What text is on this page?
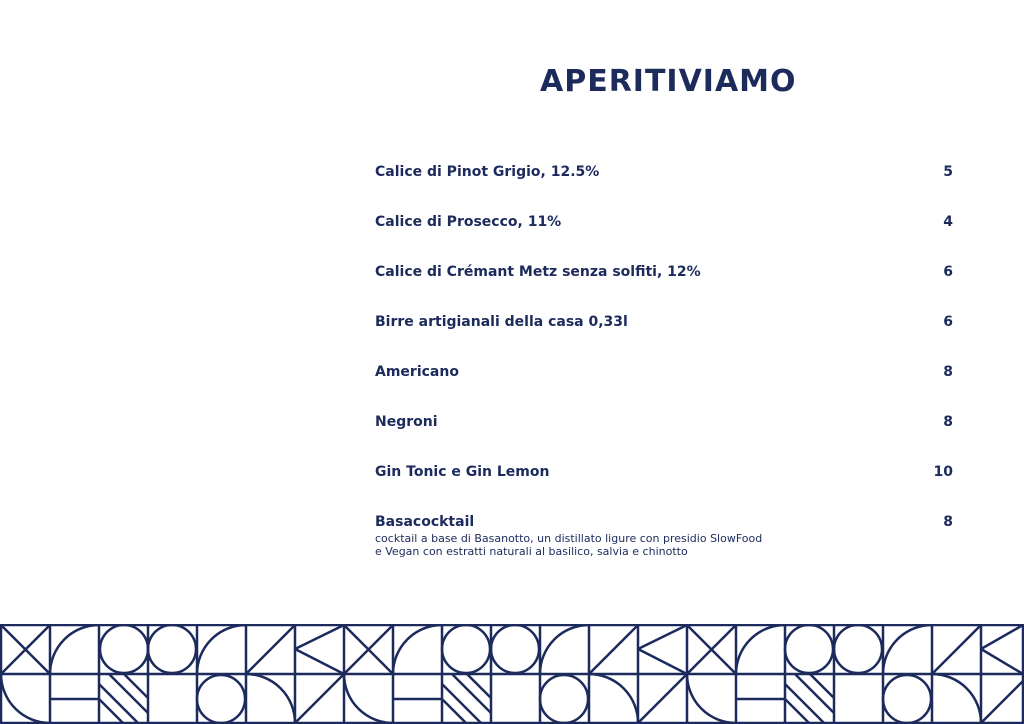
APERITIVIAMO
Calice di Pinot Grigio, 12.5%	5
Calice di Prosecco, 11%	4
Calice di Crémant Metz senza solfiti, 12%	6
Birre artigianali della casa 0,33l	6
Americano	8
Negroni	8
Gin Tonic e Gin Lemon	10
Basacocktail	8
cocktail a base di Basanotto, un distillato ligure con presidio SlowFood
e Vegan con estratti naturali al basilico, salvia e chinotto
